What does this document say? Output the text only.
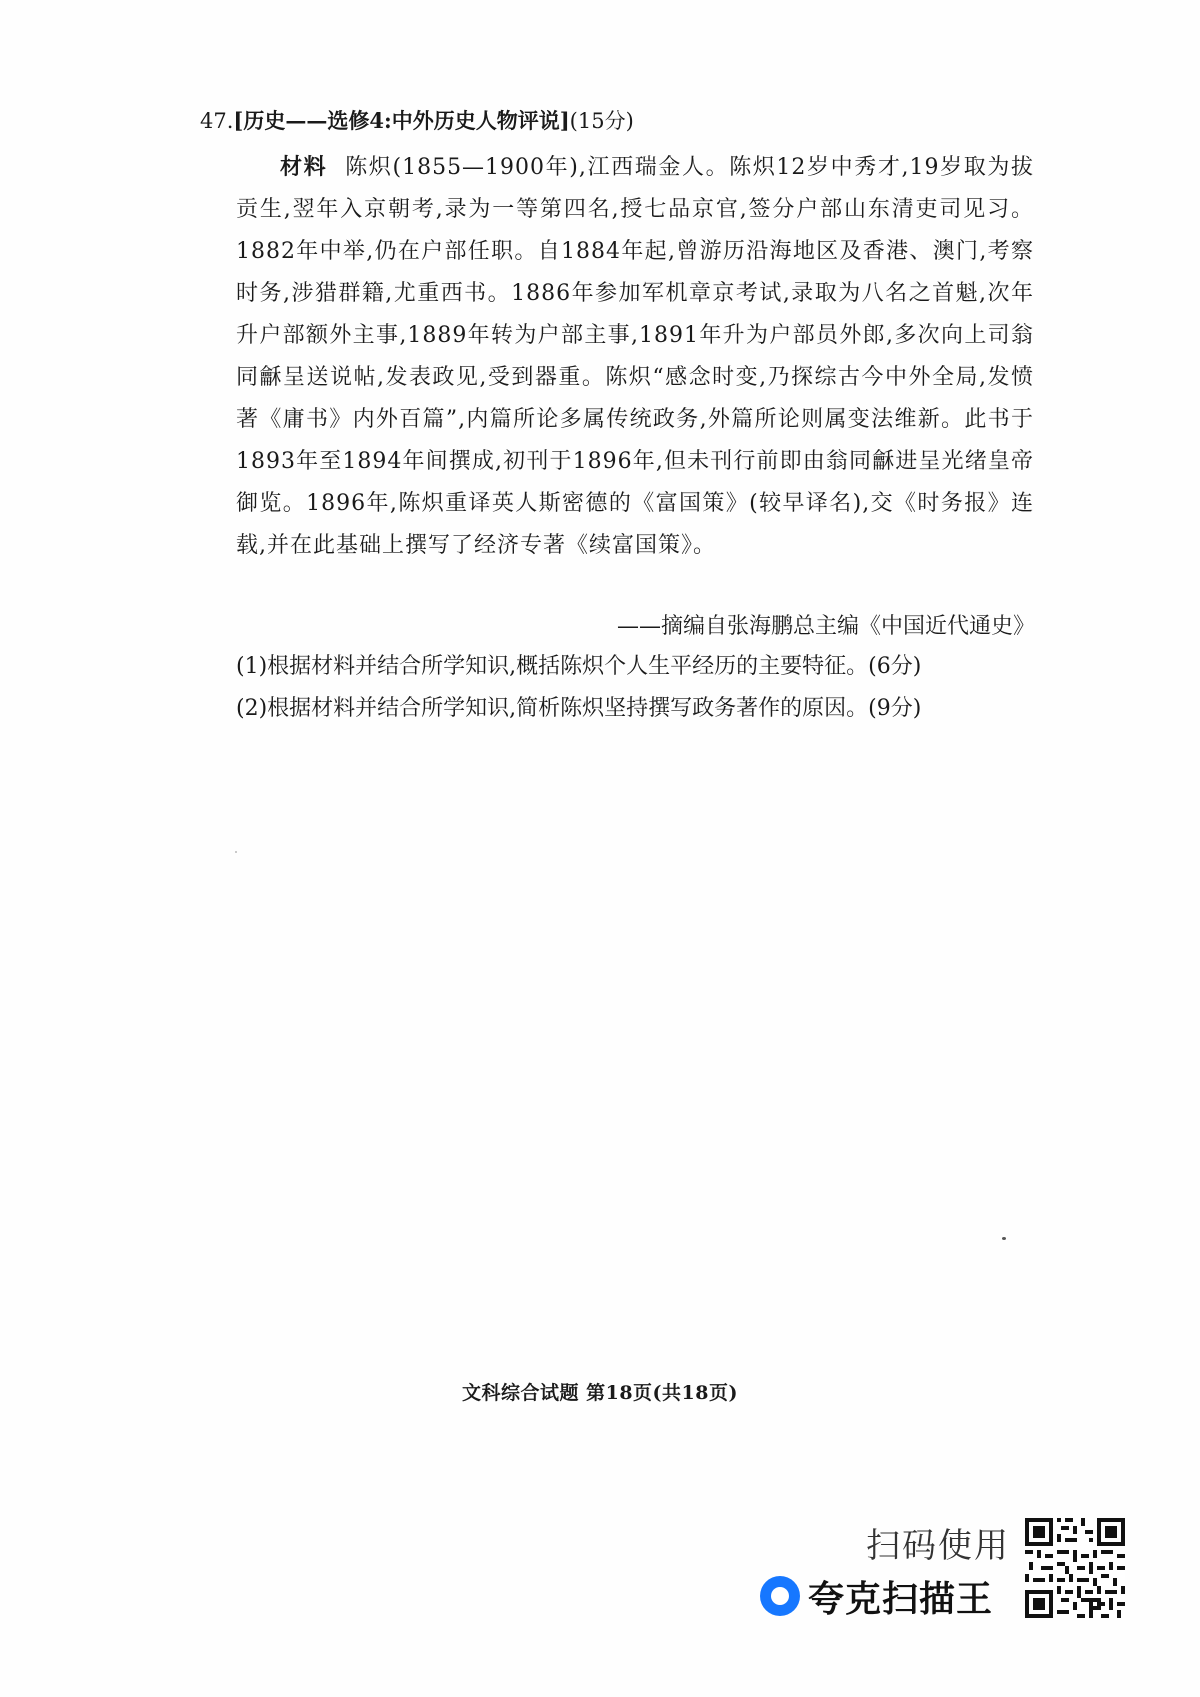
47.[历史——选修4:中外历史人物评说](15分)
材料 陈炽(1855—1900年),江西瑞金人。陈炽12岁中秀才,19岁取为拔贡生,翌年入京朝考,录为一等第四名,授七品京官,签分户部山东清吏司见习。1882年中举,仍在户部任职。自1884年起,曾游历沿海地区及香港、澳门,考察时务,涉猎群籍,尤重西书。1886年参加军机章京考试,录取为八名之首魁,次年升户部额外主事,1889年转为户部主事,1891年升为户部员外郎,多次向上司翁同龢呈送说帖,发表政见,受到器重。陈炽“感念时变,乃探综古今中外全局,发愤著《庸书》内外百篇”,内篇所论多属传统政务,外篇所论则属变法维新。此书于1893年至1894年间撰成,初刊于1896年,但未刊行前即由翁同龢进呈光绪皇帝御览。1896年,陈炽重译英人斯密德的《富国策》(较早译名),交《时务报》连载,并在此基础上撰写了经济专著《续富国策》。
——摘编自张海鹏总主编《中国近代通史》
(1)根据材料并结合所学知识,概括陈炽个人生平经历的主要特征。(6分)
(2)根据材料并结合所学知识,简析陈炽坚持撰写政务著作的原因。(9分)
文科综合试题 第18页(共18页)
扫码使用
夸克扫描王
